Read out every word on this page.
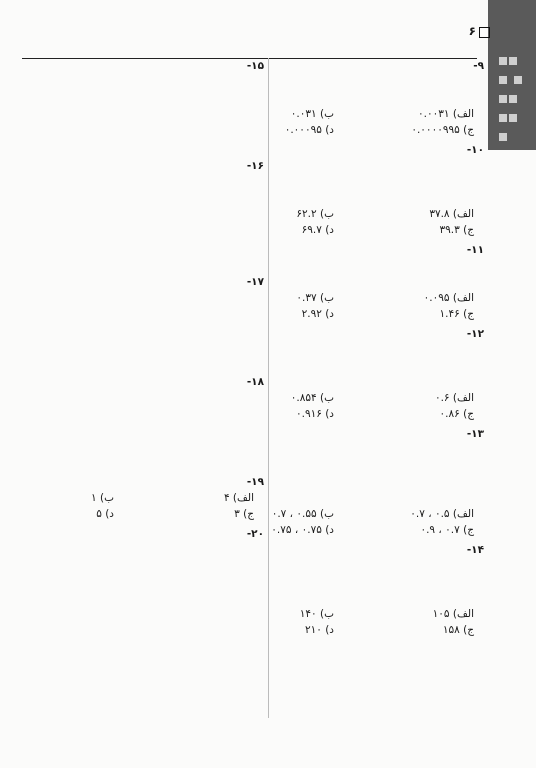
۶
۹-
الف) ۰.۰۰۳۱
ب) ۰.۰۳۱
ج) ۰.۰۰۰۰۹۹۵
د) ۰.۰۰۰۹۵
۱۰-
الف) ۳۷.۸
ب) ۶۲.۲
ج) ۳۹.۳
د) ۶۹.۷
۱۱-
الف) ۰.۰۹۵
ب) ۰.۳۷
ج) ۱.۴۶
د) ۲.۹۲
۱۲-
الف) ۰.۶
ب) ۰.۸۵۴
ج) ۰.۸۶
د) ۰.۹۱۶
۱۳-
الف) ۰.۵ ، ۰.۷
ب) ۰.۵۵ ، ۰.۷
ج) ۰.۷ ، ۰.۹
د) ۰.۷۵ ، ۰.۷۵
۱۴-
الف) ۱۰۵
ب) ۱۴۰
ج) ۱۵۸
د) ۲۱۰
۱۵-
۱۶-
۱۷-
۱۸-
۱۹-
الف) ۴
ب) ۱
ج) ۳
د) ۵
۲۰-
